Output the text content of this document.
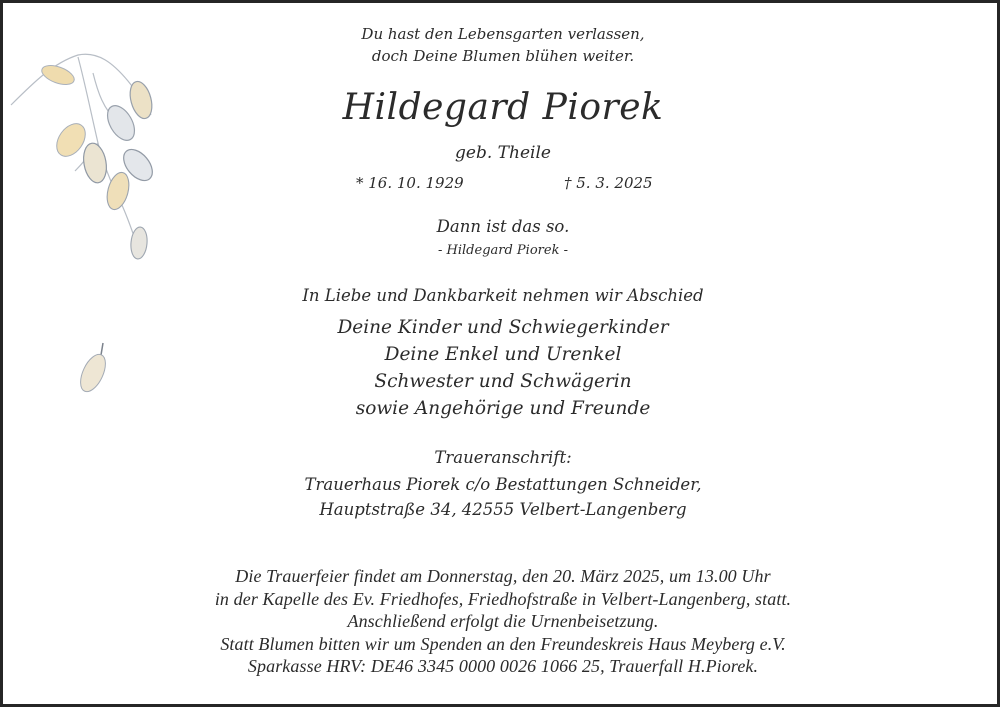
Du hast den Lebensgarten verlassen,
doch Deine Blumen blühen weiter.
Hildegard Piorek
geb. Theile
* 16. 10. 1929	† 5. 3. 2025
Dann ist das so.
- Hildegard Piorek -
In Liebe und Dankbarkeit nehmen wir Abschied
Deine Kinder und Schwiegerkinder
Deine Enkel und Urenkel
Schwester und Schwägerin
sowie Angehörige und Freunde
Traueranschrift:
Trauerhaus Piorek c/o Bestattungen Schneider,
Hauptstraße 34, 42555 Velbert-Langenberg
Die Trauerfeier findet am Donnerstag, den 20. März 2025, um 13.00 Uhr
in der Kapelle des Ev. Friedhofes, Friedhofstraße in Velbert-Langenberg, statt.
Anschließend erfolgt die Urnenbeisetzung.
Statt Blumen bitten wir um Spenden an den Freundeskreis Haus Meyberg e.V.
Sparkasse HRV: DE46 3345 0000 0026 1066 25, Trauerfall H.Piorek.
